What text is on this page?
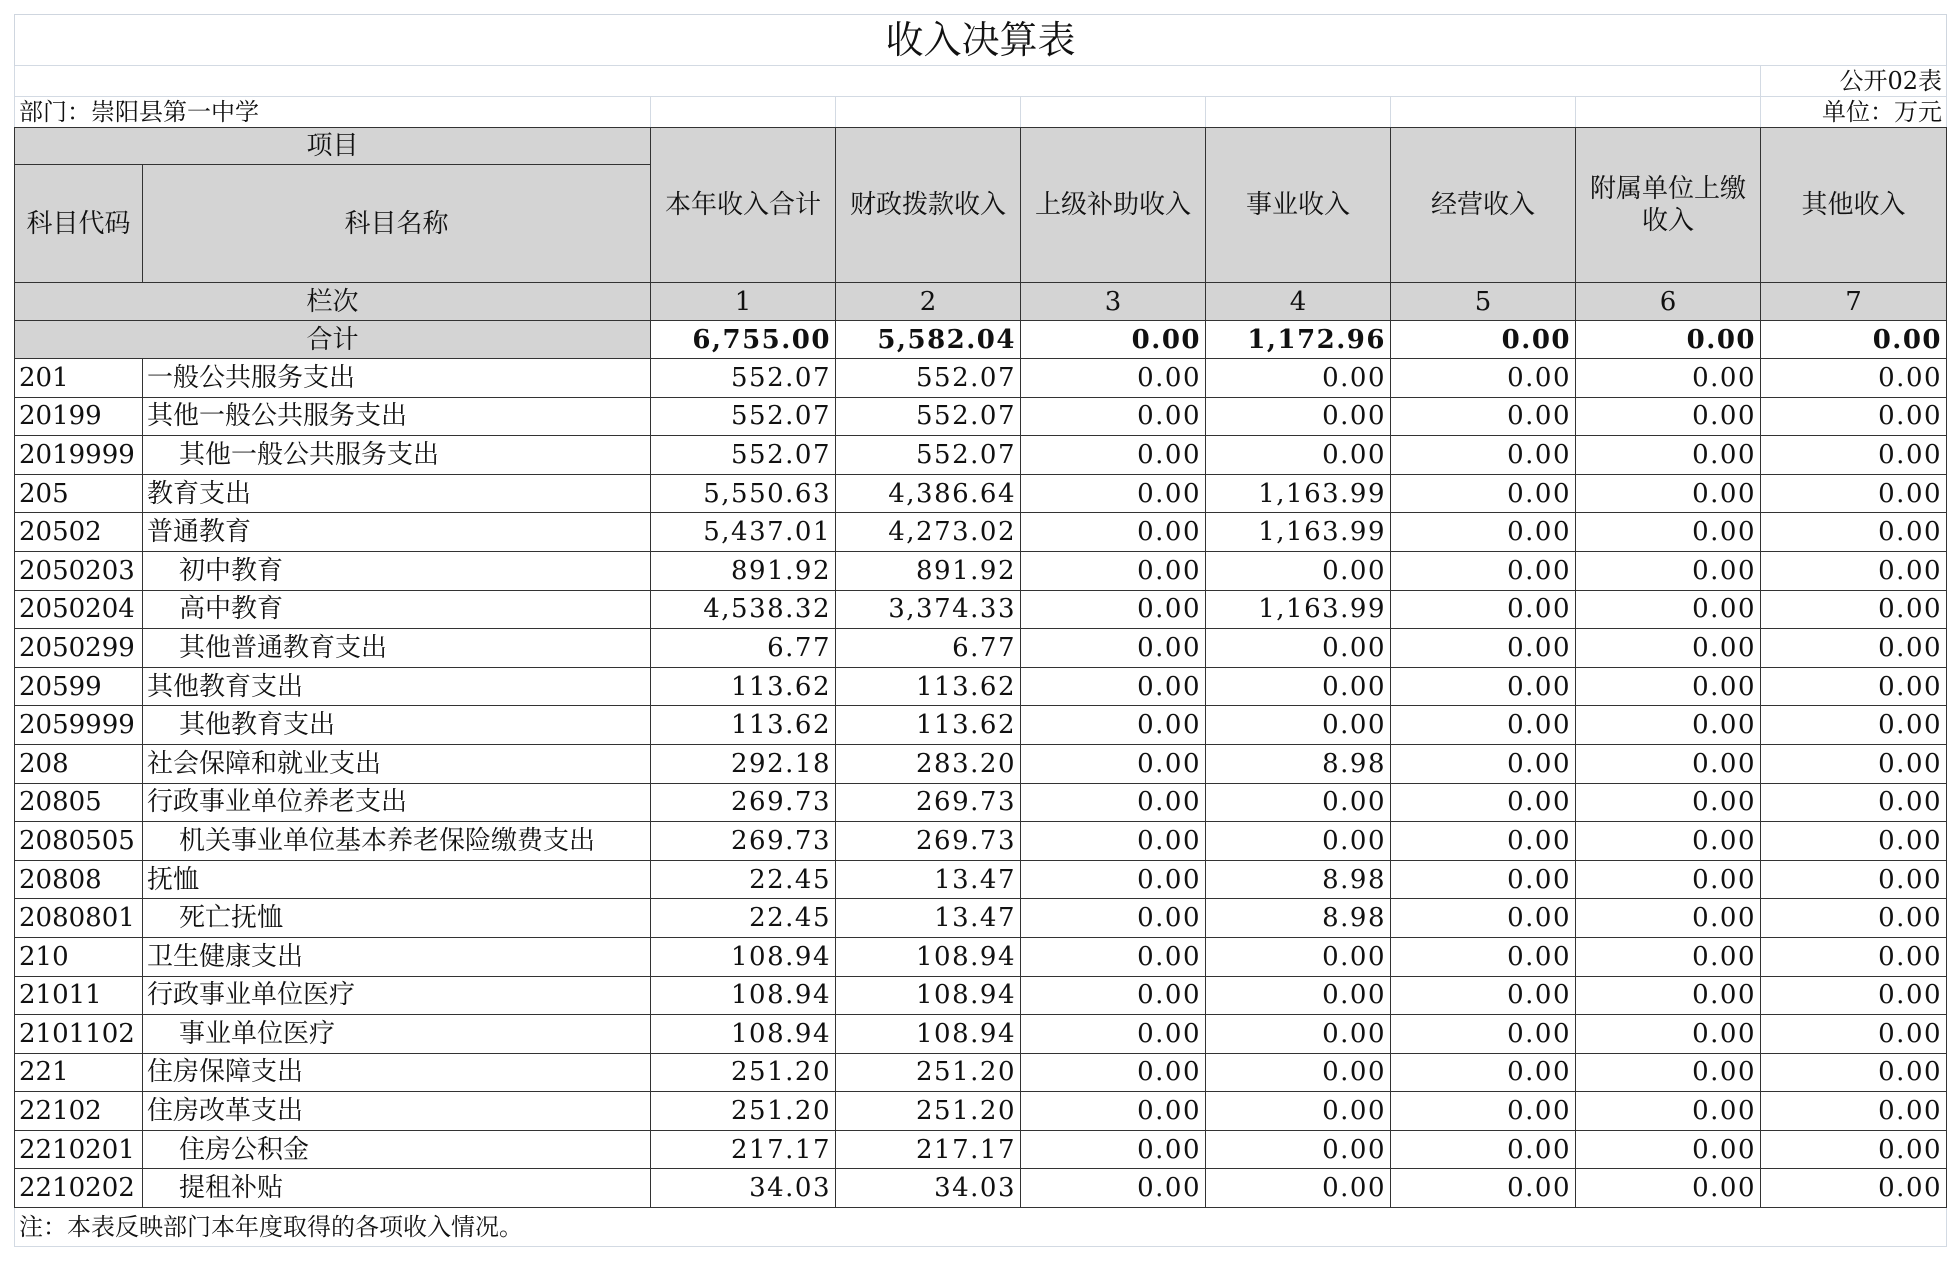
收入决算表								
								公开02表
部门：崇阳县第一中学								单位：万元
项目		本年收入合计	财政拨款收入	上级补助收入	事业收入	经营收入	附属单位上缴收入	其他收入
科目代码	科目名称							
栏次		1	2	3	4	5	6	7
合计		6,755.00	5,582.04	0.00	1,172.96	0.00	0.00	0.00
201	一般公共服务支出	552.07	552.07	0.00	0.00	0.00	0.00	0.00
20199	其他一般公共服务支出	552.07	552.07	0.00	0.00	0.00	0.00	0.00
2019999	其他一般公共服务支出	552.07	552.07	0.00	0.00	0.00	0.00	0.00
205	教育支出	5,550.63	4,386.64	0.00	1,163.99	0.00	0.00	0.00
20502	普通教育	5,437.01	4,273.02	0.00	1,163.99	0.00	0.00	0.00
2050203	初中教育	891.92	891.92	0.00	0.00	0.00	0.00	0.00
2050204	高中教育	4,538.32	3,374.33	0.00	1,163.99	0.00	0.00	0.00
2050299	其他普通教育支出	6.77	6.77	0.00	0.00	0.00	0.00	0.00
20599	其他教育支出	113.62	113.62	0.00	0.00	0.00	0.00	0.00
2059999	其他教育支出	113.62	113.62	0.00	0.00	0.00	0.00	0.00
208	社会保障和就业支出	292.18	283.20	0.00	8.98	0.00	0.00	0.00
20805	行政事业单位养老支出	269.73	269.73	0.00	0.00	0.00	0.00	0.00
2080505	机关事业单位基本养老保险缴费支出	269.73	269.73	0.00	0.00	0.00	0.00	0.00
20808	抚恤	22.45	13.47	0.00	8.98	0.00	0.00	0.00
2080801	死亡抚恤	22.45	13.47	0.00	8.98	0.00	0.00	0.00
210	卫生健康支出	108.94	108.94	0.00	0.00	0.00	0.00	0.00
21011	行政事业单位医疗	108.94	108.94	0.00	0.00	0.00	0.00	0.00
2101102	事业单位医疗	108.94	108.94	0.00	0.00	0.00	0.00	0.00
221	住房保障支出	251.20	251.20	0.00	0.00	0.00	0.00	0.00
22102	住房改革支出	251.20	251.20	0.00	0.00	0.00	0.00	0.00
2210201	住房公积金	217.17	217.17	0.00	0.00	0.00	0.00	0.00
2210202	提租补贴	34.03	34.03	0.00	0.00	0.00	0.00	0.00
注：本表反映部门本年度取得的各项收入情况。								
